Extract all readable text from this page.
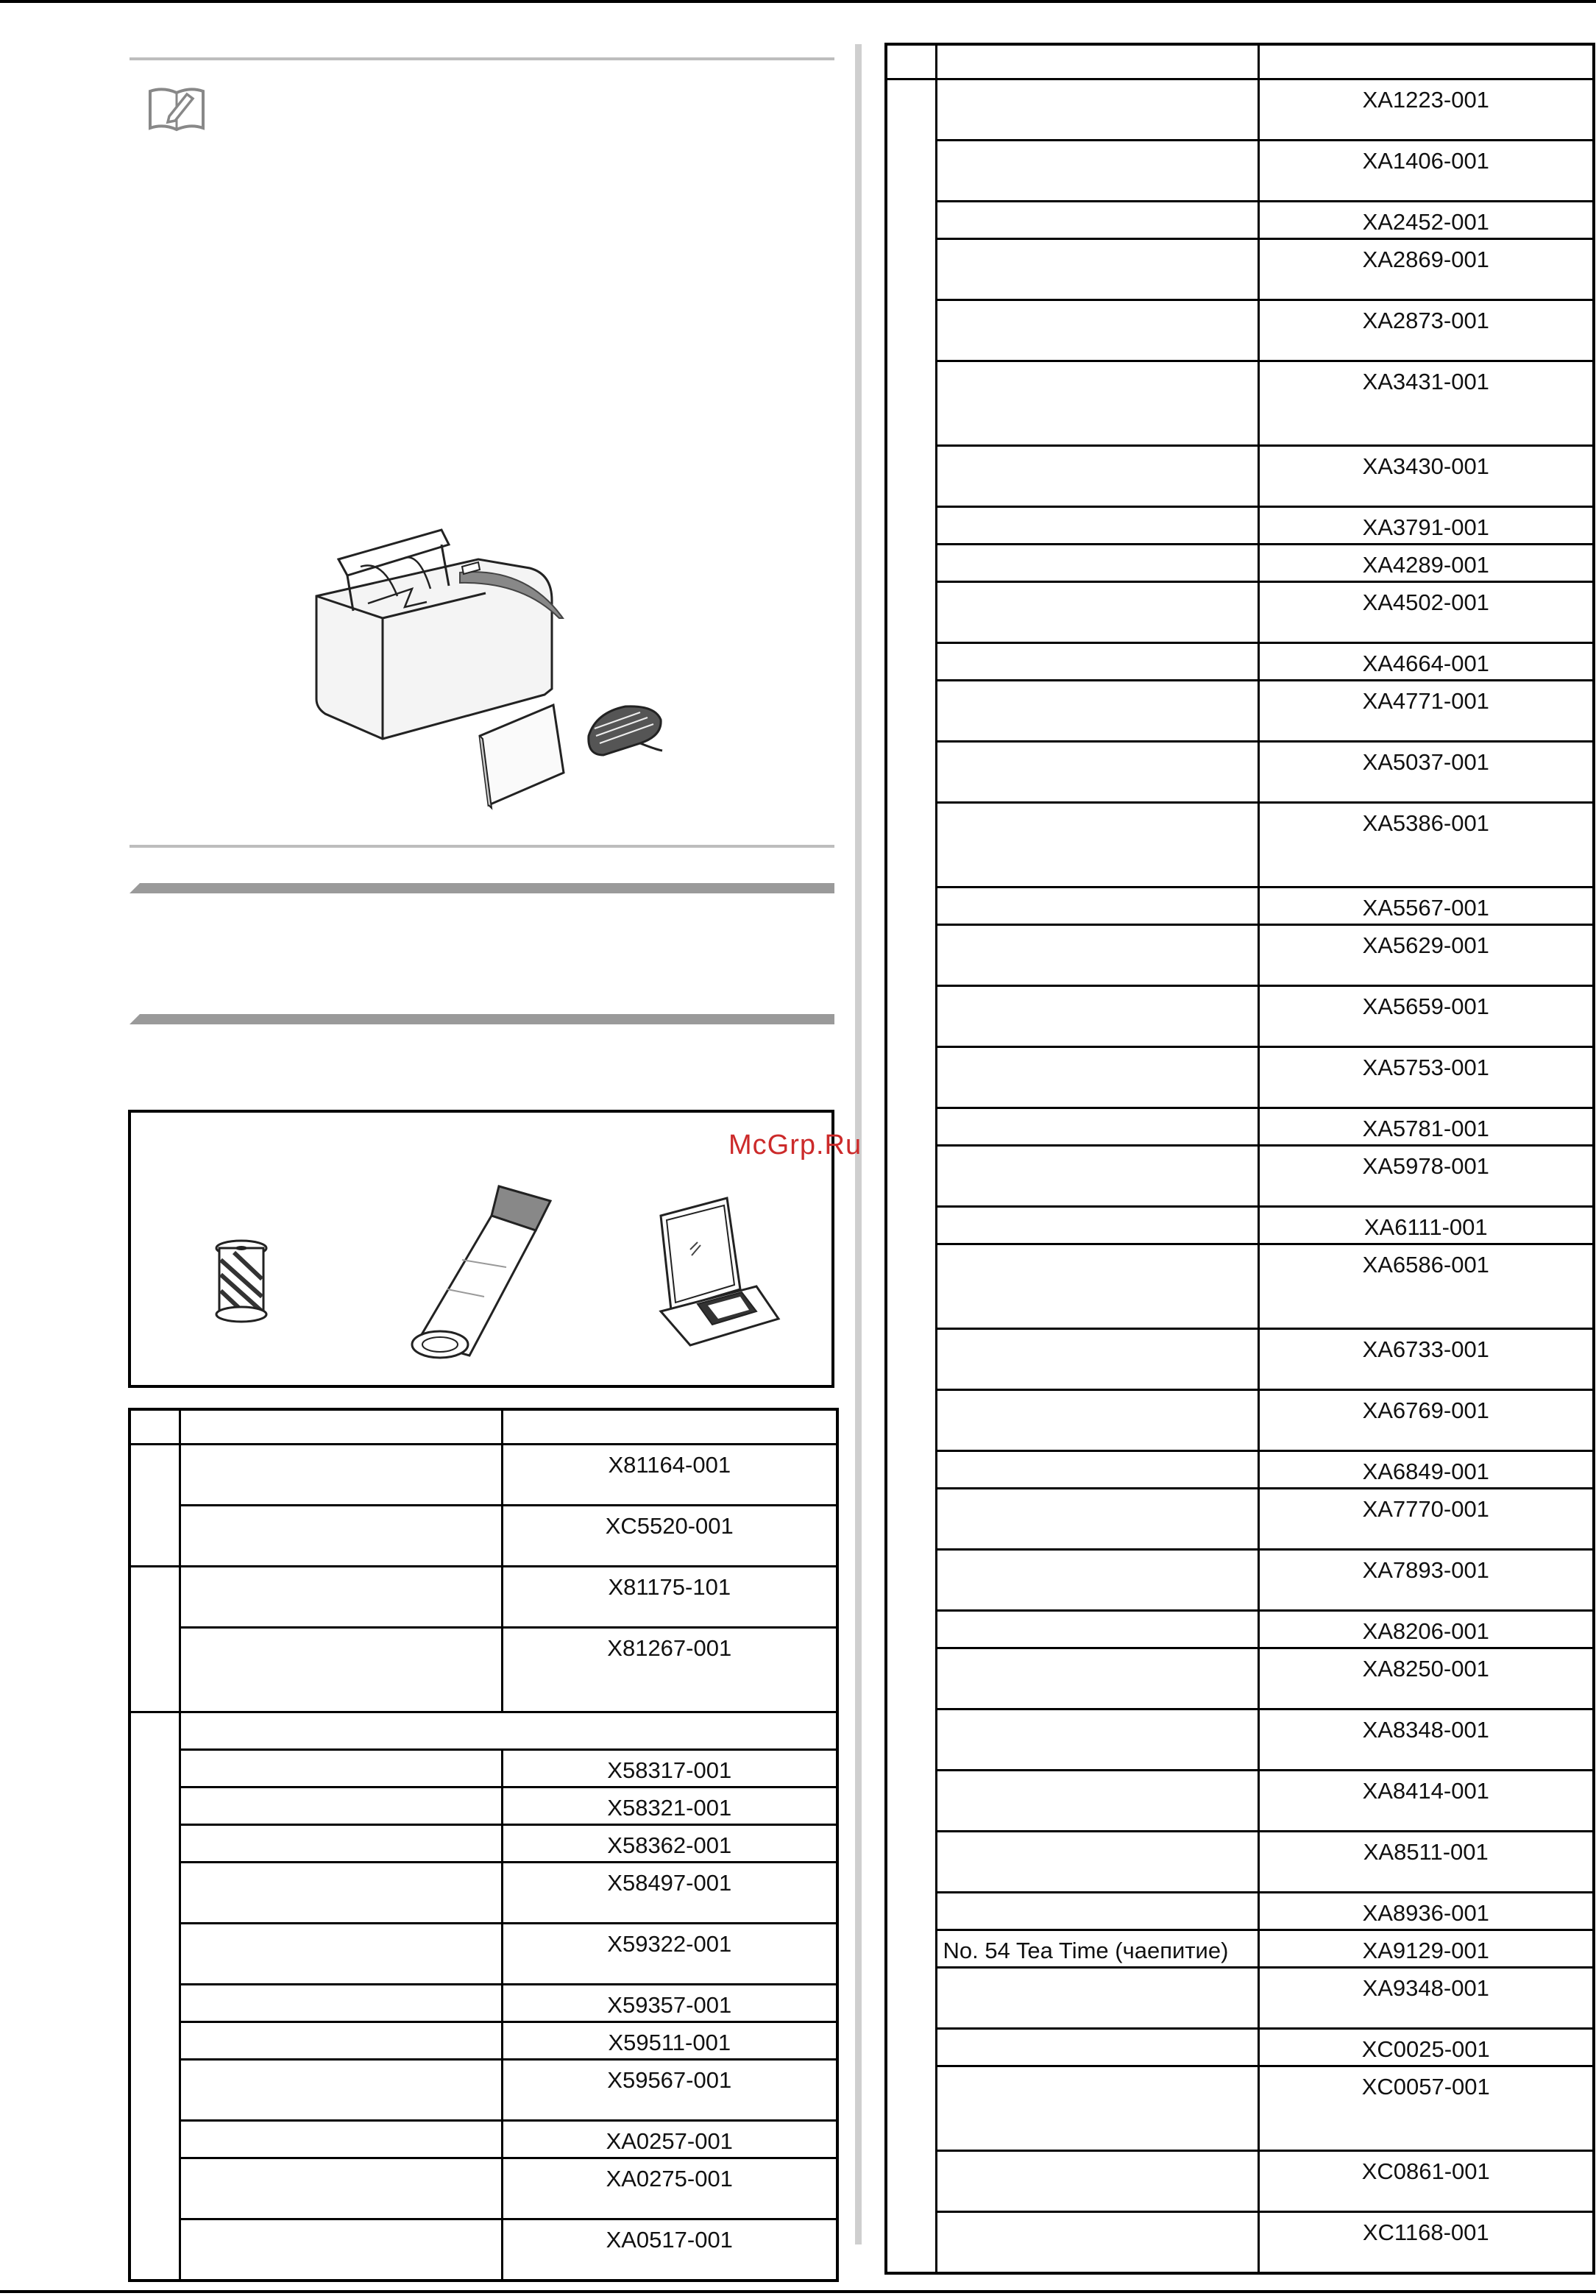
McGrp.Ru

		X81164-001
		XC5520-001
		X81175-101
		X81267-001

		X58317-001
		X58321-001
		X58362-001
		X58497-001
		X59322-001
		X59357-001
		X59511-001
		X59567-001
		XA0257-001
		XA0275-001
		XA0517-001

		XA1223-001
		XA1406-001
		XA2452-001
		XA2869-001
		XA2873-001
		XA3431-001
		XA3430-001
		XA3791-001
		XA4289-001
		XA4502-001
		XA4664-001
		XA4771-001
		XA5037-001
		XA5386-001
		XA5567-001
		XA5629-001
		XA5659-001
		XA5753-001
		XA5781-001
		XA5978-001
		XA6111-001
		XA6586-001
		XA6733-001
		XA6769-001
		XA6849-001
		XA7770-001
		XA7893-001
		XA8206-001
		XA8250-001
		XA8348-001
		XA8414-001
		XA8511-001
		XA8936-001
	No. 54 Tea Time (чаепитие)	XA9129-001
		XA9348-001
		XC0025-001
		XC0057-001
		XC0861-001
		XC1168-001
